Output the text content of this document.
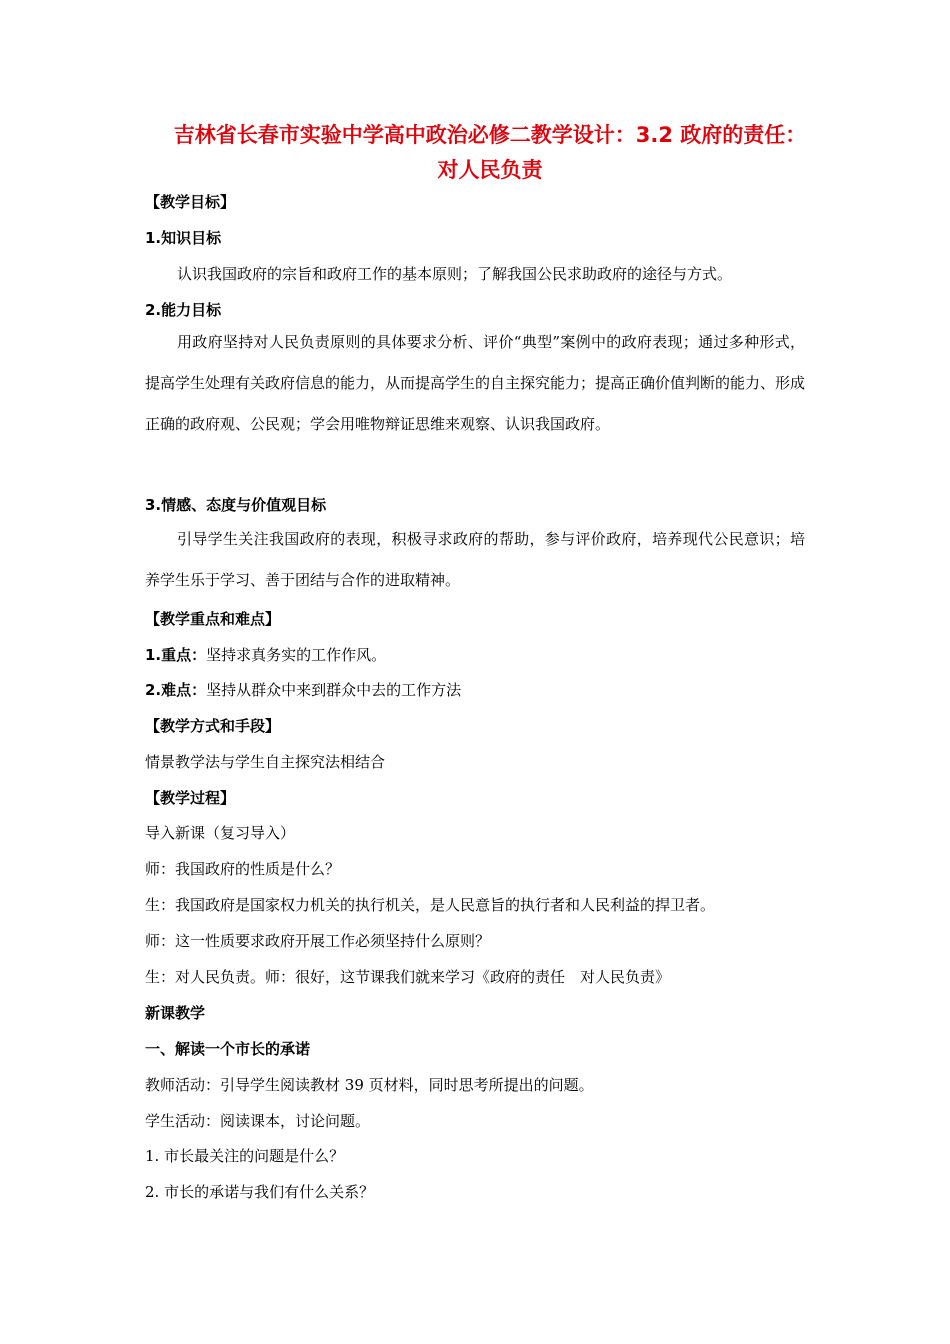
吉林省长春市实验中学高中政治必修二教学设计：3.2 政府的责任：
对人民负责
【教学目标】
1.知识目标
认识我国政府的宗旨和政府工作的基本原则；了解我国公民求助政府的途径与方式。
2.能力目标
用政府坚持对人民负责原则的具体要求分析、评价“典型”案例中的政府表现；通过多种形式，提高学生处理有关政府信息的能力，从而提高学生的自主探究能力；提高正确价值判断的能力、形成正确的政府观、公民观；学会用唯物辩证思维来观察、认识我国政府。
3.情感、态度与价值观目标
引导学生关注我国政府的表现，积极寻求政府的帮助，参与评价政府，培养现代公民意识；培养学生乐于学习、善于团结与合作的进取精神。
【教学重点和难点】
1.重点：坚持求真务实的工作作风。
2.难点：坚持从群众中来到群众中去的工作方法
【教学方式和手段】
情景教学法与学生自主探究法相结合
【教学过程】
导入新课（复习导入）
师：我国政府的性质是什么？
生：我国政府是国家权力机关的执行机关，是人民意旨的执行者和人民利益的捍卫者。
师：这一性质要求政府开展工作必须坚持什么原则？
生：对人民负责。师：很好，这节课我们就来学习《政府的责任　对人民负责》
新课教学
一、解读一个市长的承诺
教师活动：引导学生阅读教材 39 页材料，同时思考所提出的问题。
学生活动：阅读课本，讨论问题。
1. 市长最关注的问题是什么？
2. 市长的承诺与我们有什么关系？
